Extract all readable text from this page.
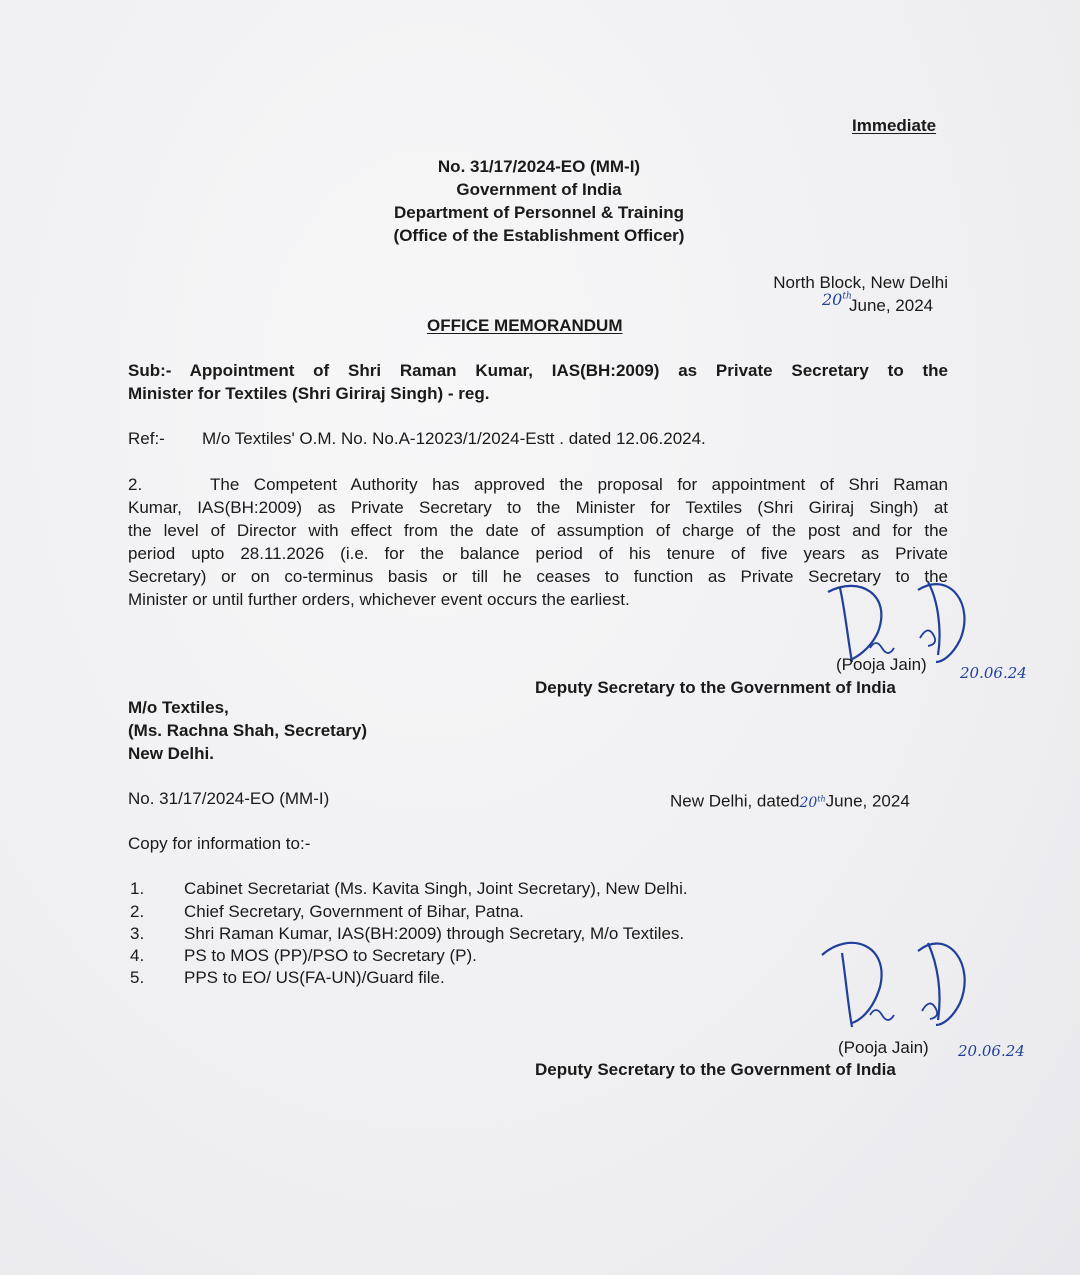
Immediate
No. 31/17/2024-EO (MM-I)
Government of India
Department of Personnel & Training
(Office of the Establishment Officer)
North Block, New Delhi
June, 2024
20th
OFFICE MEMORANDUM
Sub:- Appointment of Shri Raman Kumar, IAS(BH:2009) as Private Secretary to the
Minister for Textiles (Shri Giriraj Singh) - reg.
Ref:- M/o Textiles' O.M. No. No.A-12023/1/2024-Estt . dated 12.06.2024.
2.	The Competent Authority has approved the proposal for appointment of Shri Raman
Kumar, IAS(BH:2009) as Private Secretary to the Minister for Textiles (Shri Giriraj Singh) at
the level of Director with effect from the date of assumption of charge of the post and for the
period upto 28.11.2026 (i.e. for the balance period of his tenure of five years as Private
Secretary) or on co-terminus basis or till he ceases to function as Private Secretary to the
Minister or until further orders, whichever event occurs the earliest.
(Pooja Jain) 20.06.24
Deputy Secretary to the Government of India
M/o Textiles,
(Ms. Rachna Shah, Secretary)
New Delhi.
No. 31/17/2024-EO (MM-I)	New Delhi, dated20thJune, 2024
Copy for information to:-
1. Cabinet Secretariat (Ms. Kavita Singh, Joint Secretary), New Delhi.
2. Chief Secretary, Government of Bihar, Patna.
3. Shri Raman Kumar, IAS(BH:2009) through Secretary, M/o Textiles.
4. PS to MOS (PP)/PSO to Secretary (P).
5. PPS to EO/ US(FA-UN)/Guard file.
(Pooja Jain) 20.06.24
Deputy Secretary to the Government of India
